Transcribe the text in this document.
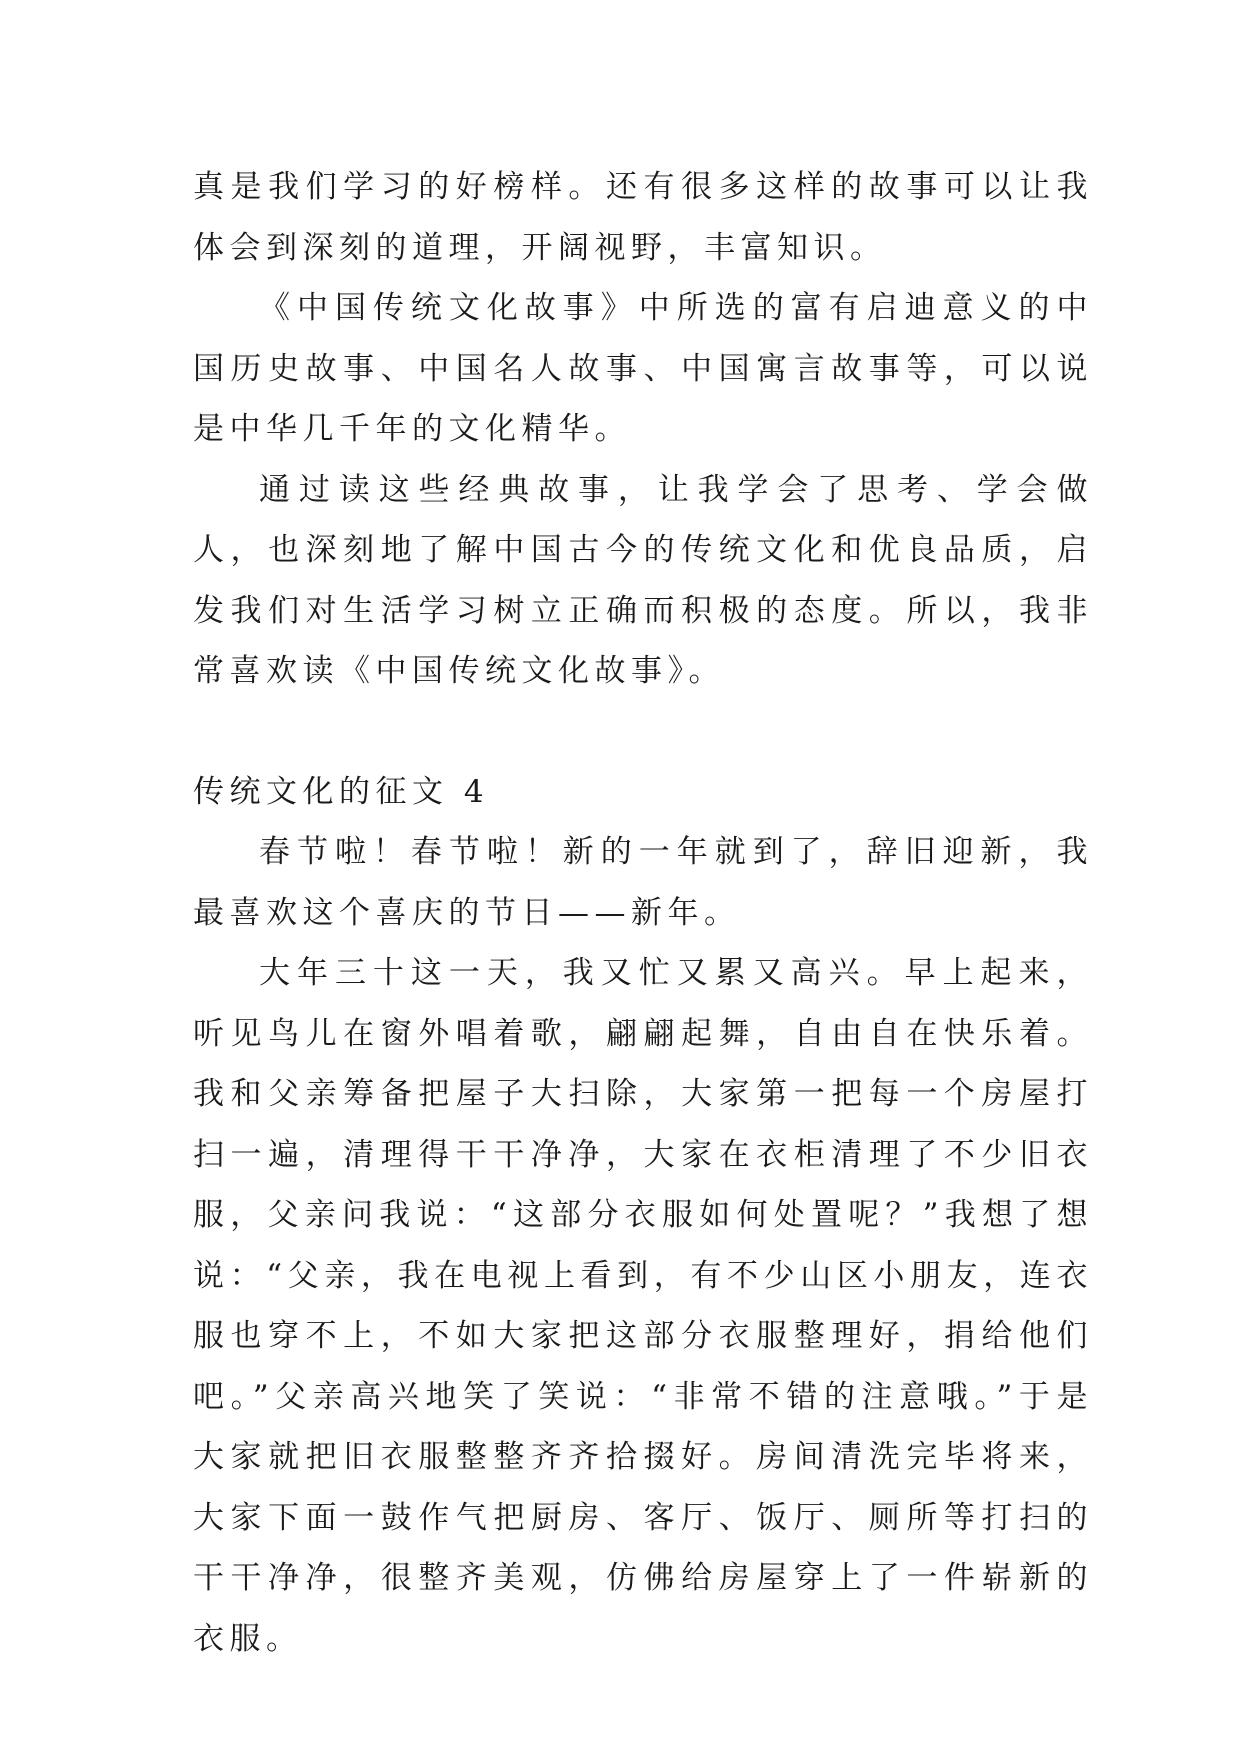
真是我们学习的好榜样。还有很多这样的故事可以让我体会到深刻的道理，开阔视野，丰富知识。

《中国传统文化故事》中所选的富有启迪意义的中国历史故事、中国名人故事、中国寓言故事等，可以说是中华几千年的文化精华。

通过读这些经典故事，让我学会了思考、学会做人，也深刻地了解中国古今的传统文化和优良品质，启发我们对生活学习树立正确而积极的态度。所以，我非常喜欢读《中国传统文化故事》。

传统文化的征文 4

春节啦！春节啦！新的一年就到了，辞旧迎新，我最喜欢这个喜庆的节日——新年。

大年三十这一天，我又忙又累又高兴。早上起来，听见鸟儿在窗外唱着歌，翩翩起舞，自由自在快乐着。我和父亲筹备把屋子大扫除，大家第一把每一个房屋打扫一遍，清理得干干净净，大家在衣柜清理了不少旧衣服，父亲问我说：“这部分衣服如何处置呢？”我想了想说：“父亲，我在电视上看到，有不少山区小朋友，连衣服也穿不上，不如大家把这部分衣服整理好，捐给他们吧。”父亲高兴地笑了笑说：“非常不错的注意哦。”于是大家就把旧衣服整整齐齐拾掇好。房间清洗完毕将来，大家下面一鼓作气把厨房、客厅、饭厅、厕所等打扫的干干净净，很整齐美观，仿佛给房屋穿上了一件崭新的衣服。
